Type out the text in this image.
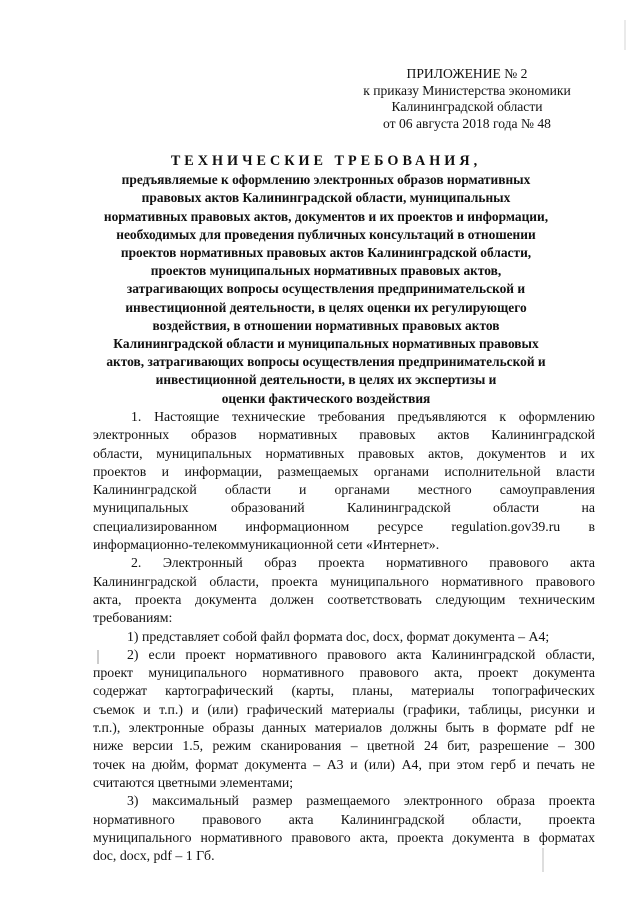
ПРИЛОЖЕНИЕ № 2
к приказу Министерства экономики
Калининградской области
от 06 августа 2018 года № 48
ТЕХНИЧЕСКИЕ ТРЕБОВАНИЯ,
предъявляемые к оформлению электронных образов нормативных
правовых актов Калининградской области, муниципальных
нормативных правовых актов, документов и их проектов и информации,
необходимых для проведения публичных консультаций в отношении
проектов нормативных правовых актов Калининградской области,
проектов муниципальных нормативных правовых актов,
затрагивающих вопросы осуществления предпринимательской и
инвестиционной деятельности, в целях оценки их регулирующего
воздействия, в отношении нормативных правовых актов
Калининградской области и муниципальных нормативных правовых
актов, затрагивающих вопросы осуществления предпринимательской и
инвестиционной деятельности, в целях их экспертизы и
оценки фактического воздействия
1. Настоящие технические требования предъявляются к оформлению
электронных образов нормативных правовых актов Калининградской
области, муниципальных нормативных правовых актов, документов и их
проектов и информации, размещаемых органами исполнительной власти
Калининградской области и органами местного самоуправления
муниципальных	образований	Калининградской	области	на
специализированном информационном ресурсе regulation.gov39.ru в
информационно-телекоммуникационной сети «Интернет».
2. Электронный образ проекта нормативного правового акта
Калининградской области, проекта муниципального нормативного правового
акта, проекта документа должен соответствовать следующим техническим
требованиям:
1) представляет собой файл формата doc, docx, формат документа – А4;
2) если проект нормативного правового акта Калининградской области,
проект муниципального нормативного правового акта, проект документа
содержат картографический (карты, планы, материалы топографических
съемок и т.п.) и (или) графический материалы (графики, таблицы, рисунки и
т.п.), электронные образы данных материалов должны быть в формате pdf не
ниже версии 1.5, режим сканирования – цветной 24 бит, разрешение – 300
точек на дюйм, формат документа – А3 и (или) А4, при этом герб и печать не
считаются цветными элементами;
3) максимальный размер размещаемого электронного образа проекта
нормативного правового акта Калининградской области, проекта
муниципального нормативного правового акта, проекта документа в форматах
doc, docx, pdf – 1 Гб.
